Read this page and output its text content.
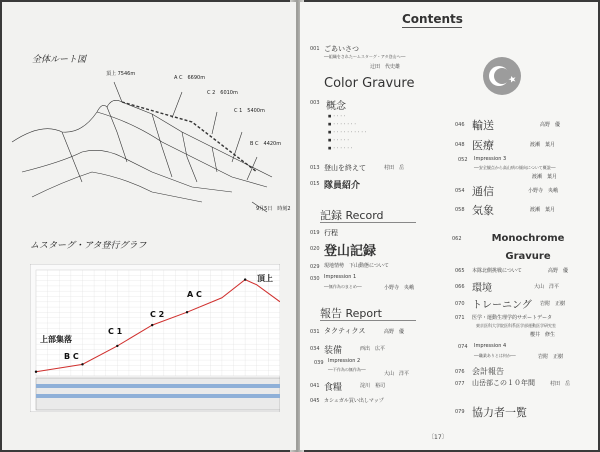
全体ルート図
頂上 7546m
A C　6690m
C 2　6010m
C 1　5400m
B C　4420m
9月5日　時刻2
ムスターグ・アタ登行グラフ
頂上
A C
C 2
C 1
B C
上部集落
Contents
001 ごあいさつ
──組織をされた〜ムスターグ・アタ登山へ──
辻田　代史雄
Color Gravure
003 概念
■ ・・・・
■ ・・・・・・・
■ ・・・・・・・・・・
■ ・・・・・
■ ・・・・・・
013 登山を終えて	村田　岳
015 隊員紹介
記録 Record
019 行程
020 登山記録
029 現地情勢　下山動態について
030 Impression 1
──無作為のまとめ──	小野寺　央峨
報告 Report
031 タクティクス	高野　優
034 装備	西出　広平
039 Impression 2
──不作為の無作為──
大山　洋平
041 食糧	淀川　裕司
045 カシュガル買い出しマップ
046 輸送	高野　優
048 医療	渡瀬　葉月
052 Impression 3
──安全観点から高山病の傾向について概説──
渡瀬　葉月
054 通信	小野寺　央峨
058 気象	渡瀬　葉月
062	Monochrome Gravure
065 本隊北側挑戦について	高野　優
066 環境	大山　洋平
070 トレーニング 岩附　正樹
071 医学・運動生理学的サポートデータ
東京医科大学院医科系医学部運動医学研究室
櫻井　修生
074 Impression 4
──職業ありとは何か──	岩附　正樹
076 会計報告
077 山岳部この１０年間	村田　岳
079 協力者一覧
〔17〕
